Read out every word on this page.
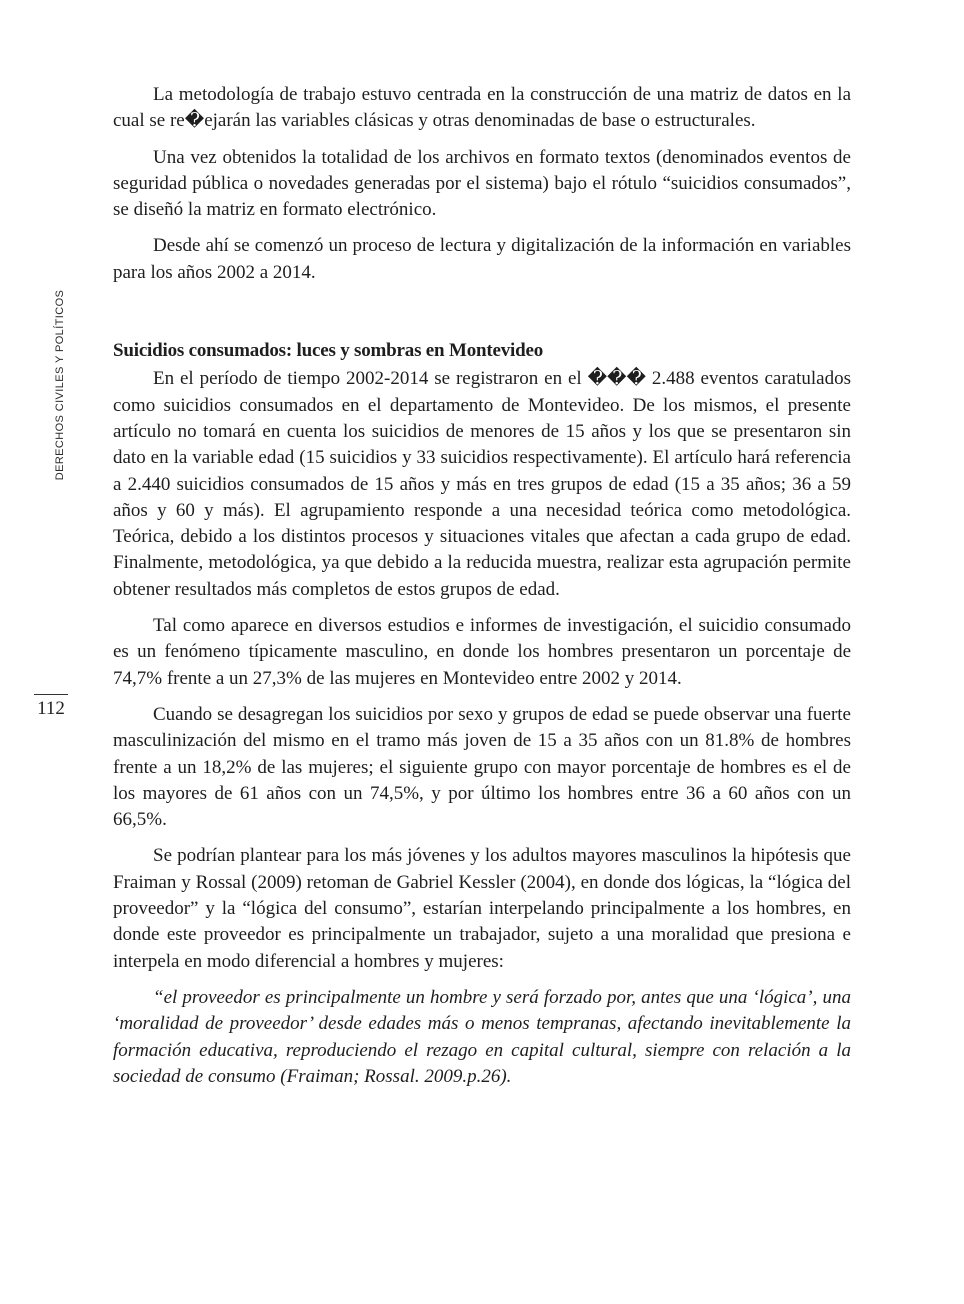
DERECHOS CIVILES Y POLÍTICOS
112

La metodología de trabajo estuvo centrada en la construcción de una matriz de datos en la cual se re�ejarán las variables clásicas y otras denominadas de base o estructurales.

Una vez obtenidos la totalidad de los archivos en formato textos (denominados eventos de seguridad pública o novedades generadas por el sistema) bajo el rótulo “suicidios consumados”, se diseñó la matriz en formato electrónico.

Desde ahí se comenzó un proceso de lectura y digitalización de la información en variables para los años 2002 a 2014.

Suicidios consumados: luces y sombras en Montevideo

En el período de tiempo 2002-2014 se registraron en el ��� 2.488 eventos caratulados como suicidios consumados en el departamento de Montevideo. De los mismos, el presente artículo no tomará en cuenta los suicidios de menores de 15 años y los que se presentaron sin dato en la variable edad (15 suicidios y 33 suicidios respectivamente). El artículo hará referencia a 2.440 suicidios consumados de 15 años y más en tres grupos de edad (15 a 35 años; 36 a 59 años y 60 y más). El agrupamiento responde a una necesidad teórica como metodológica. Teórica, debido a los distintos procesos y situaciones vitales que afectan a cada grupo de edad. Finalmente, metodológica, ya que debido a la reducida muestra, realizar esta agrupación permite obtener resultados más completos de estos grupos de edad.

Tal como aparece en diversos estudios e informes de investigación, el suicidio consumado es un fenómeno típicamente masculino, en donde los hombres presentaron un porcentaje de 74,7% frente a un 27,3% de las mujeres en Montevideo entre 2002 y 2014.

Cuando se desagregan los suicidios por sexo y grupos de edad se puede observar una fuerte masculinización del mismo en el tramo más joven de 15 a 35 años con un 81.8% de hombres frente a un 18,2% de las mujeres; el siguiente grupo con mayor porcentaje de hombres es el de los mayores de 61 años con un 74,5%, y por último los hombres entre 36 a 60 años con un 66,5%.

Se podrían plantear para los más jóvenes y los adultos mayores masculinos la hipótesis que Fraiman y Rossal (2009) retoman de Gabriel Kessler (2004), en donde dos lógicas, la “lógica del proveedor” y la “lógica del consumo”, estarían interpelando principalmente a los hombres, en donde este proveedor es principalmente un trabajador, sujeto a una moralidad que presiona e interpela en modo diferencial a hombres y mujeres:

“el proveedor es principalmente un hombre y será forzado por, antes que una ‘lógica’, una ‘moralidad de proveedor’ desde edades más o menos tempranas, afectando inevitablemente la formación educativa, reproduciendo el rezago en capital cultural, siempre con relación a la sociedad de consumo (Fraiman; Rossal. 2009.p.26).
